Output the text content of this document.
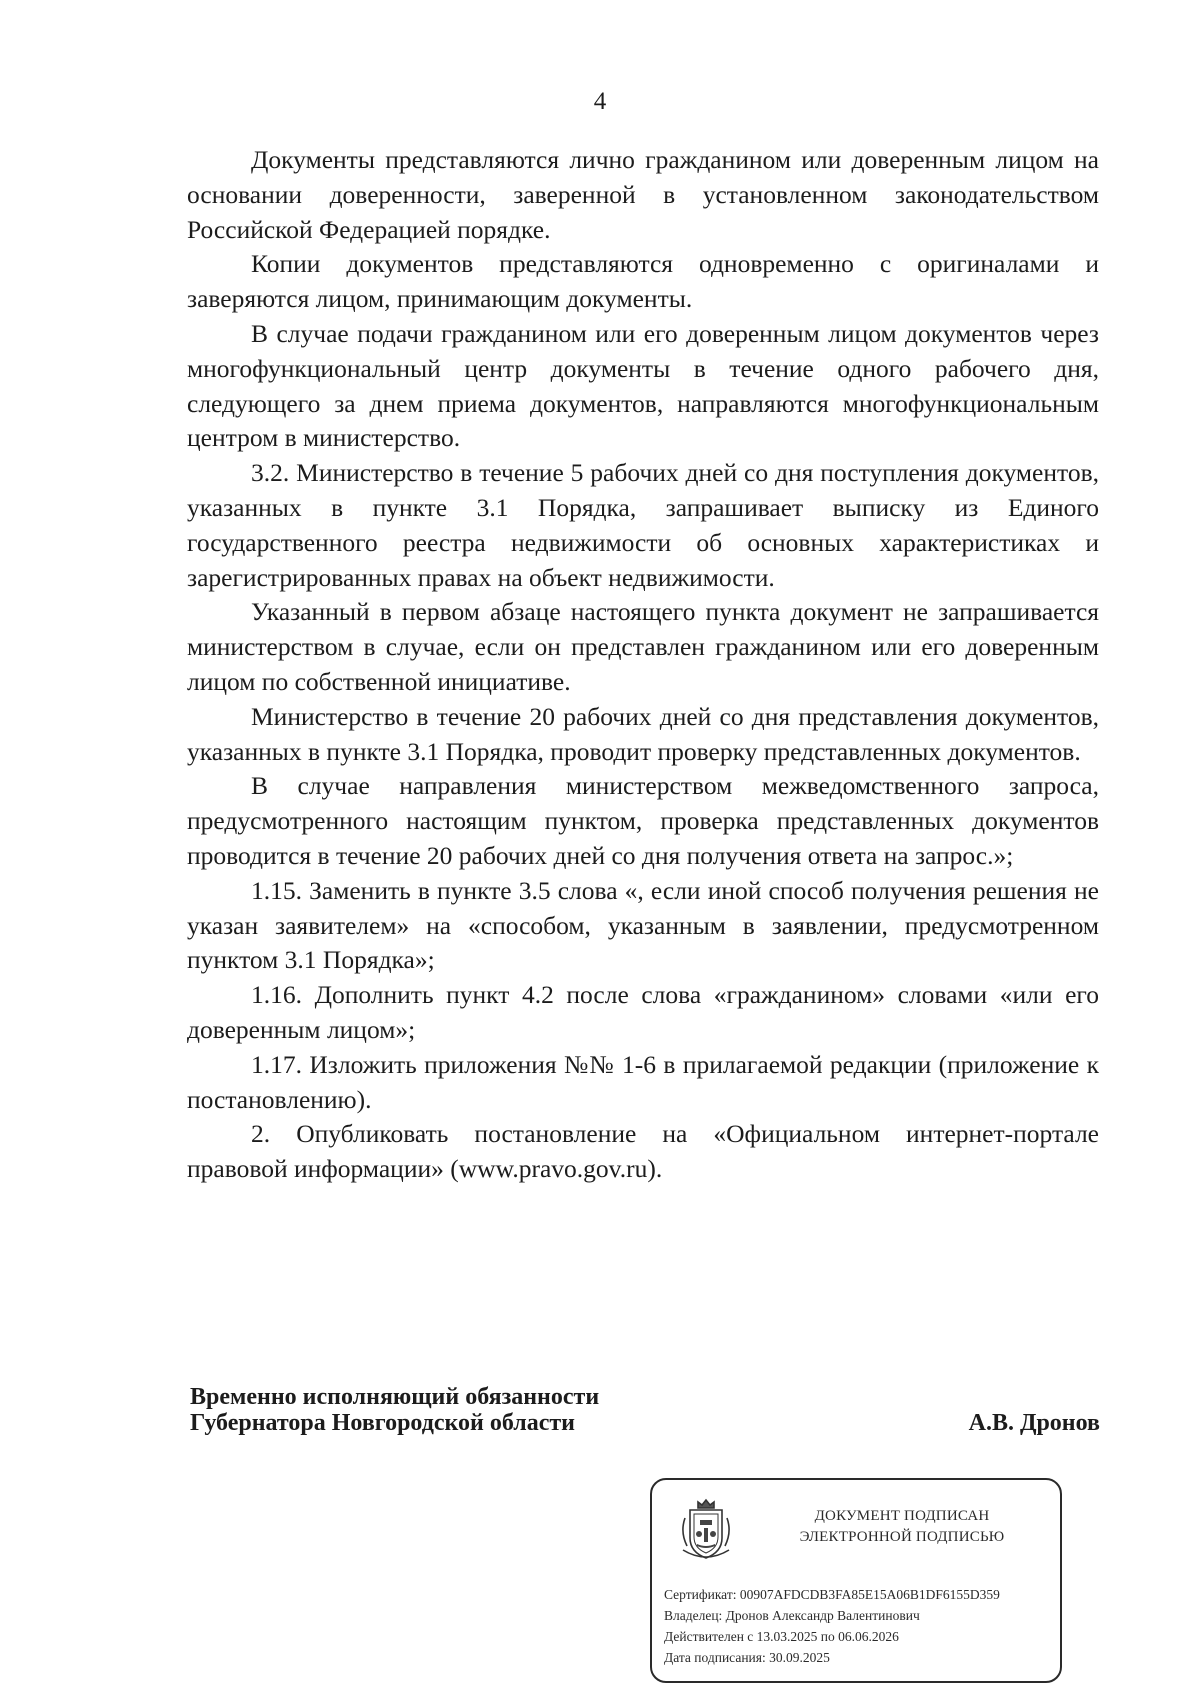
4

Документы представляются лично гражданином или доверенным лицом на основании доверенности, заверенной в установленном законодательством Российской Федерацией порядке.

Копии документов представляются одновременно с оригиналами и заверяются лицом, принимающим документы.

В случае подачи гражданином или его доверенным лицом документов через многофункциональный центр документы в течение одного рабочего дня, следующего за днем приема документов, направляются многофункциональным центром в министерство.

3.2. Министерство в течение 5 рабочих дней со дня поступления документов, указанных в пункте 3.1 Порядка, запрашивает выписку из Единого государственного реестра недвижимости об основных характеристиках и зарегистрированных правах на объект недвижимости.

Указанный в первом абзаце настоящего пункта документ не запрашивается министерством в случае, если он представлен гражданином или его доверенным лицом по собственной инициативе.

Министерство в течение 20 рабочих дней со дня представления документов, указанных в пункте 3.1 Порядка, проводит проверку представленных документов.

В случае направления министерством межведомственного запроса, предусмотренного настоящим пунктом, проверка представленных документов проводится в течение 20 рабочих дней со дня получения ответа на запрос.»;

1.15. Заменить в пункте 3.5 слова «, если иной способ получения решения не указан заявителем» на «способом, указанным в заявлении, предусмотренном пунктом 3.1 Порядка»;

1.16. Дополнить пункт 4.2 после слова «гражданином» словами «или его доверенным лицом»;

1.17. Изложить приложения №№ 1-6 в прилагаемой редакции (приложение к постановлению).

2. Опубликовать постановление на «Официальном интернет-портале правовой информации» (www.pravo.gov.ru).

Временно исполняющий обязанности
Губернатора Новгородской области	А.В. Дронов
ДОКУМЕНТ ПОДПИСАН
ЭЛЕКТРОННОЙ ПОДПИСЬЮ
Сертификат: 00907AFDCDB3FA85E15A06B1DF6155D359
Владелец: Дронов Александр Валентинович
Действителен с 13.03.2025 по 06.06.2026
Дата подписания: 30.09.2025
